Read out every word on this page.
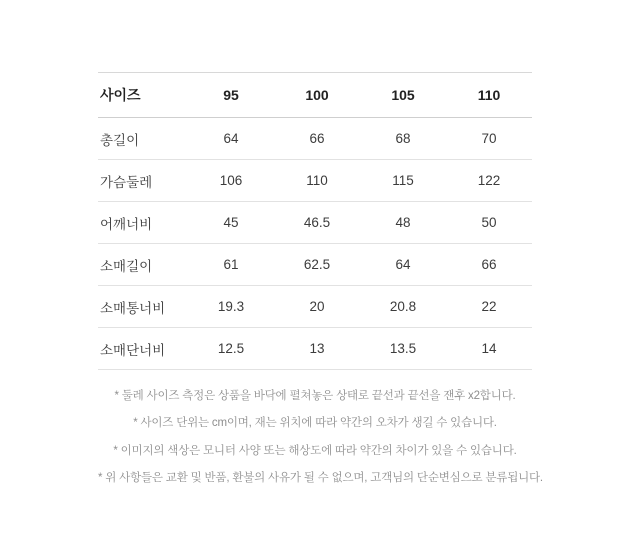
사이즈	95	100	105	110
총길이	64	66	68	70
가슴둘레	106	110	115	122
어깨너비	45	46.5	48	50
소매길이	61	62.5	64	66
소매통너비	19.3	20	20.8	22
소매단너비	12.5	13	13.5	14
* 둘레 사이즈 측정은 상품을 바닥에 펼쳐놓은 상태로 끝선과 끝선을 잰후 x2합니다.
* 사이즈 단위는 cm이며, 재는 위치에 따라 약간의 오차가 생길 수 있습니다.
* 이미지의 색상은 모니터 사양 또는 해상도에 따라 약간의 차이가 있을 수 있습니다.
* 위 사항들은 교환 및 반품, 환불의 사유가 될 수 없으며, 고객님의 단순변심으로 분류됩니다.
